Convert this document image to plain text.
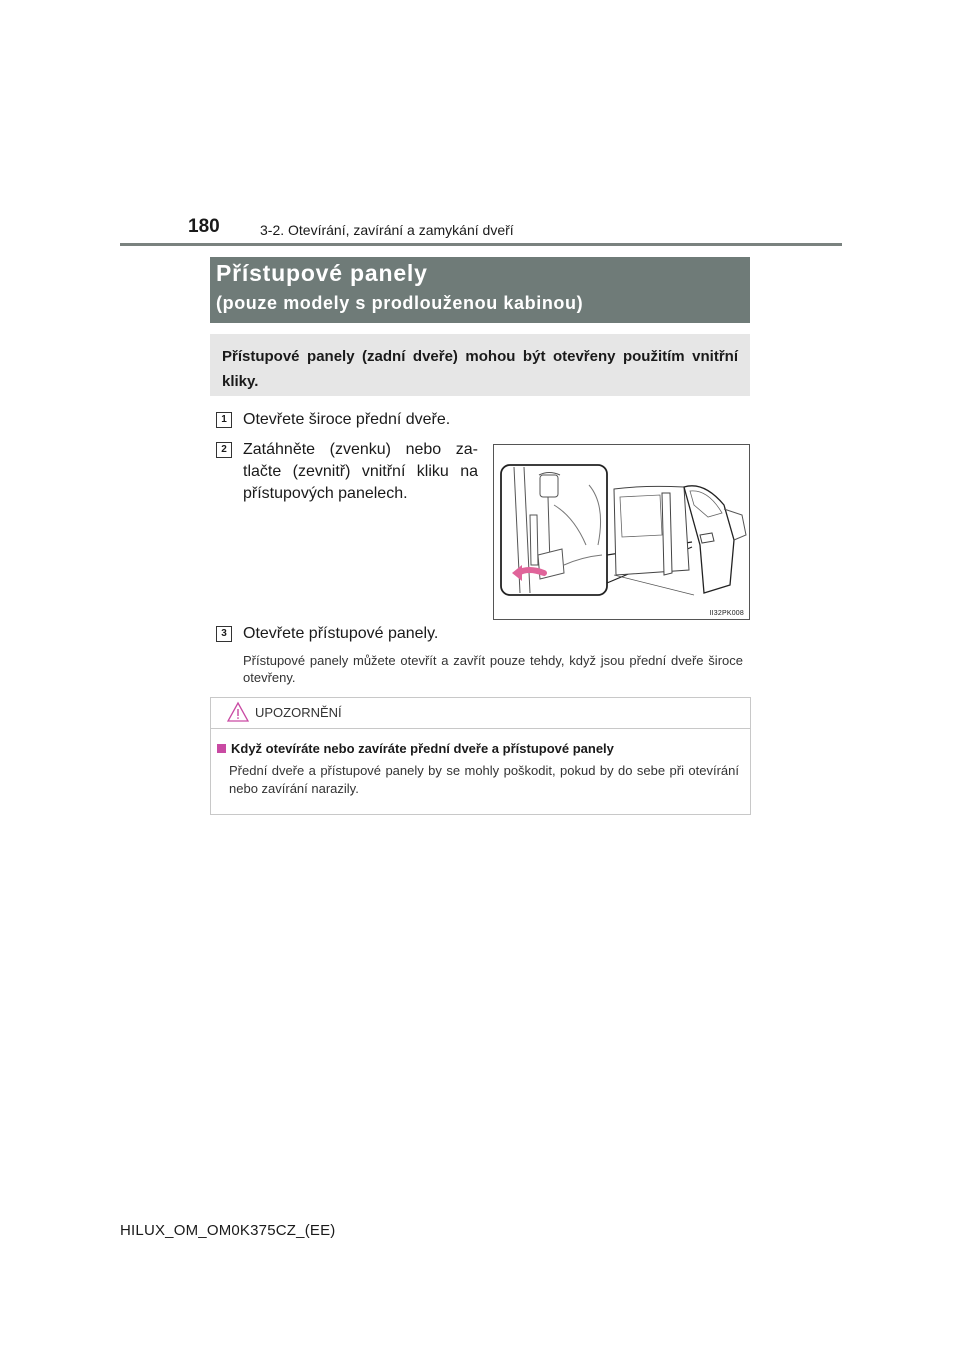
180	3-2. Otevírání, zavírání a zamykání dveří
Přístupové panely
(pouze modely s prodlouženou kabinou)
Přístupové panely (zadní dveře) mohou být otevřeny použitím vnitřní kliky.
1	Otevřete široce přední dveře.
2	Zatáhněte (zvenku) nebo za-tlačte (zevnitř) vnitřní kliku na přístupových panelech.
II32PK008
3	Otevřete přístupové panely.
Přístupové panely můžete otevřít a zavřít pouze tehdy, když jsou přední dveře široce otevřeny.
UPOZORNĚNÍ
Když otevíráte nebo zavíráte přední dveře a přístupové panely
Přední dveře a přístupové panely by se mohly poškodit, pokud by do sebe při otevírání nebo zavírání narazily.
HILUX_OM_OM0K375CZ_(EE)
